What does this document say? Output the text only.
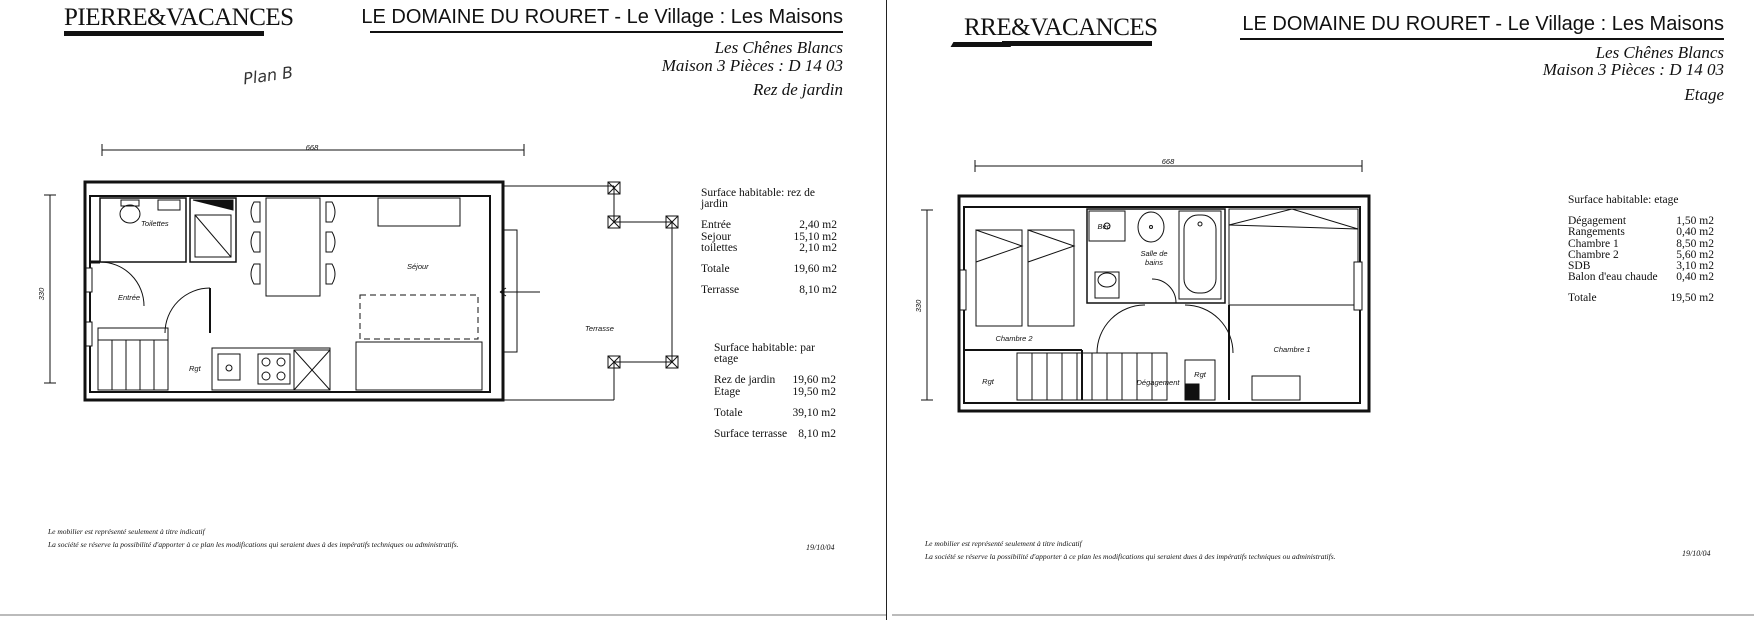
PIERRE&VACANCES	LE DOMAINE DU ROURET - Le Village : Les Maisons
Les Chênes Blancs
Maison 3 Pièces : D 14 03
Rez de jardin
Plan B
668
330
Toilettes
Entrée
Séjour
Rgt
Terrasse
Surface habitable: rez de jardin
Entrée	2,40 m2
Sejour	15,10 m2
toilettes	2,10 m2
Totale	19,60 m2
Terrasse	8,10 m2
Surface habitable: par etage
Rez de jardin 19,60 m2
Etage	19,50 m2
Totale	39,10 m2
Surface terrasse 8,10 m2
Le mobilier est représenté seulement à titre indicatif
La société se réserve la possibilité d'apporter à ce plan les modifications qui seraient dues à des impératifs techniques ou administratifs.	19/10/04
RRE&VACANCES	LE DOMAINE DU ROURET - Le Village : Les Maisons
Les Chênes Blancs
Maison 3 Pièces : D 14 03
Etage
668
330
Bec
Salle de
bains
Chambre 2
Chambre 1
Rgt
Rgt
Dégagement
Surface habitable: etage
Dégagement	1,50 m2
Rangements	0,40 m2
Chambre 1	8,50 m2
Chambre 2	5,60 m2
SDB	3,10 m2
Balon d'eau chaude 0,40 m2
Totale	19,50 m2
Le mobilier est représenté seulement à titre indicatif
La société se réserve la possibilité d'apporter à ce plan les modifications qui seraient dues à des impératifs techniques ou administratifs.	19/10/04
